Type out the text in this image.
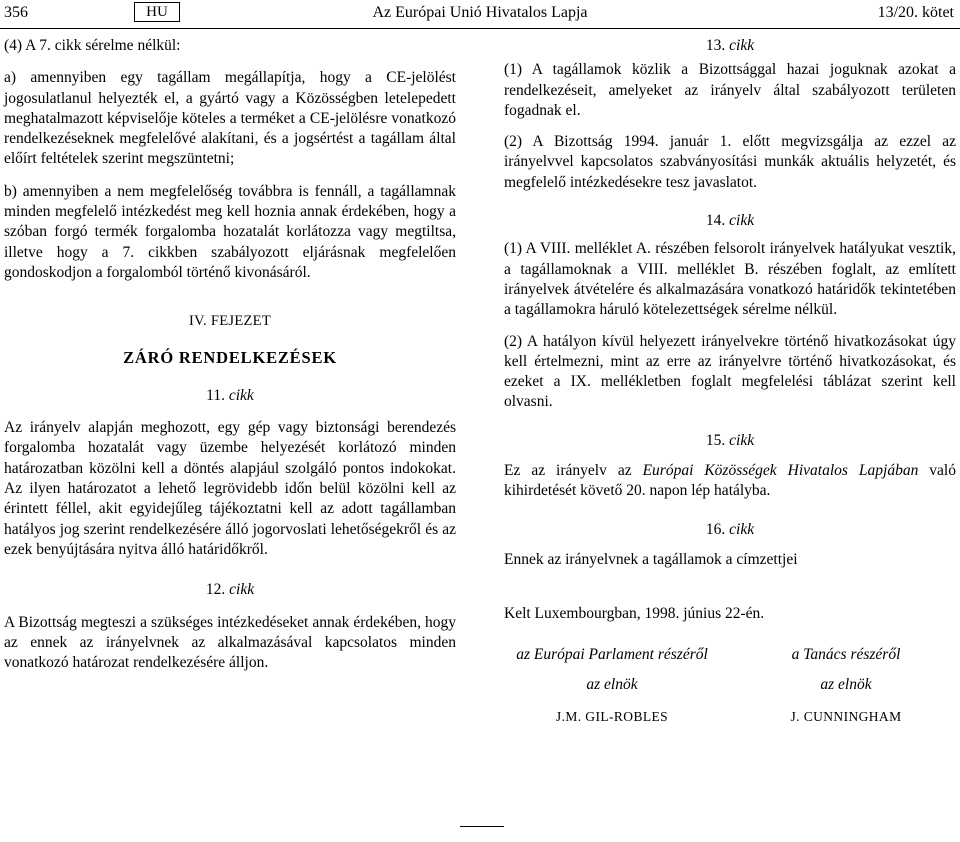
356	HU	Az Európai Unió Hivatalos Lapja	13/20. kötet

(4) A 7. cikk sérelme nélkül:

a) amennyiben egy tagállam megállapítja, hogy a CE-jelölést jogosulatlanul helyezték el, a gyártó vagy a Közösségben letelepedett meghatalmazott képviselője köteles a terméket a CE-jelölésre vonatkozó rendelkezéseknek megfelelővé alakítani, és a jogsértést a tagállam által előírt feltételek szerint megszüntetni;

b) amennyiben a nem megfelelőség továbbra is fennáll, a tagállamnak minden megfelelő intézkedést meg kell hoznia annak érdekében, hogy a szóban forgó termék forgalomba hozatalát korlátozza vagy megtiltsa, illetve hogy a 7. cikkben szabályozott eljárásnak megfelelően gondoskodjon a forgalomból történő kivonásáról.

IV. FEJEZET

ZÁRÓ RENDELKEZÉSEK

11. cikk

Az irányelv alapján meghozott, egy gép vagy biztonsági berendezés forgalomba hozatalát vagy üzembe helyezését korlátozó minden határozatban közölni kell a döntés alapjául szolgáló pontos indokokat. Az ilyen határozatot a lehető legrövidebb időn belül közölni kell az érintett féllel, akit egyidejűleg tájékoztatni kell az adott tagállamban hatályos jog szerint rendelkezésére álló jogorvoslati lehetőségekről és az ezek benyújtására nyitva álló határidőkről.

12. cikk

A Bizottság megteszi a szükséges intézkedéseket annak érdekében, hogy az ennek az irányelvnek az alkalmazásával kapcsolatos minden vonatkozó határozat rendelkezésére álljon.

13. cikk

(1) A tagállamok közlik a Bizottsággal hazai joguknak azokat a rendelkezéseit, amelyeket az irányelv által szabályozott területen fogadnak el.

(2) A Bizottság 1994. január 1. előtt megvizsgálja az ezzel az irányelvvel kapcsolatos szabványosítási munkák aktuális helyzetét, és megfelelő intézkedésekre tesz javaslatot.

14. cikk

(1) A VIII. melléklet A. részében felsorolt irányelvek hatályukat vesztik, a tagállamoknak a VIII. melléklet B. részében foglalt, az említett irányelvek átvételére és alkalmazására vonatkozó határidők tekintetében a tagállamokra háruló kötelezettségek sérelme nélkül.

(2) A hatályon kívül helyezett irányelvekre történő hivatkozásokat úgy kell értelmezni, mint az erre az irányelvre történő hivatkozásokat, és ezeket a IX. mellékletben foglalt megfelelési táblázat szerint kell olvasni.

15. cikk

Ez az irányelv az Európai Közösségek Hivatalos Lapjában való kihirdetését követő 20. napon lép hatályba.

16. cikk

Ennek az irányelvnek a tagállamok a címzettjei

Kelt Luxembourgban, 1998. június 22-én.

az Európai Parlament részéről
az elnök
J.M. GIL-ROBLES
a Tanács részéről
az elnök
J. CUNNINGHAM
